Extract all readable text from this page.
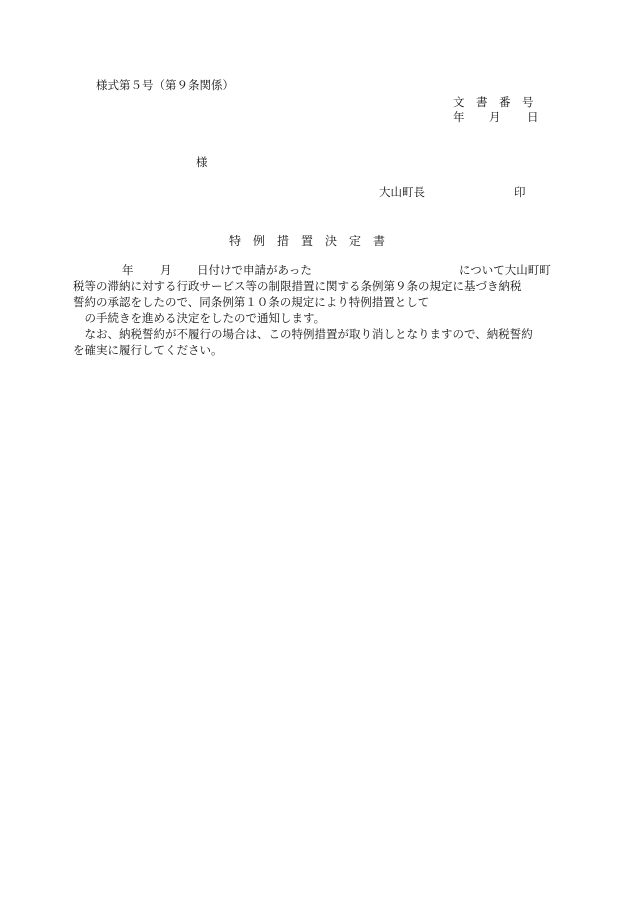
様式第５号（第９条関係）
文　書　番　号
年 月 日
様
大山町長	印
特　例　措　置　決　定　書
年 月 日付けで申請があった	について大山町町
税等の滞納に対する行政サービス等の制限措置に関する条例第９条の規定に基づき納税
誓約の承認をしたので、同条例第１０条の規定により特例措置として
　の手続きを進める決定をしたので通知します。
　なお、納税誓約が不履行の場合は、この特例措置が取り消しとなりますので、納税誓約
を確実に履行してください。
